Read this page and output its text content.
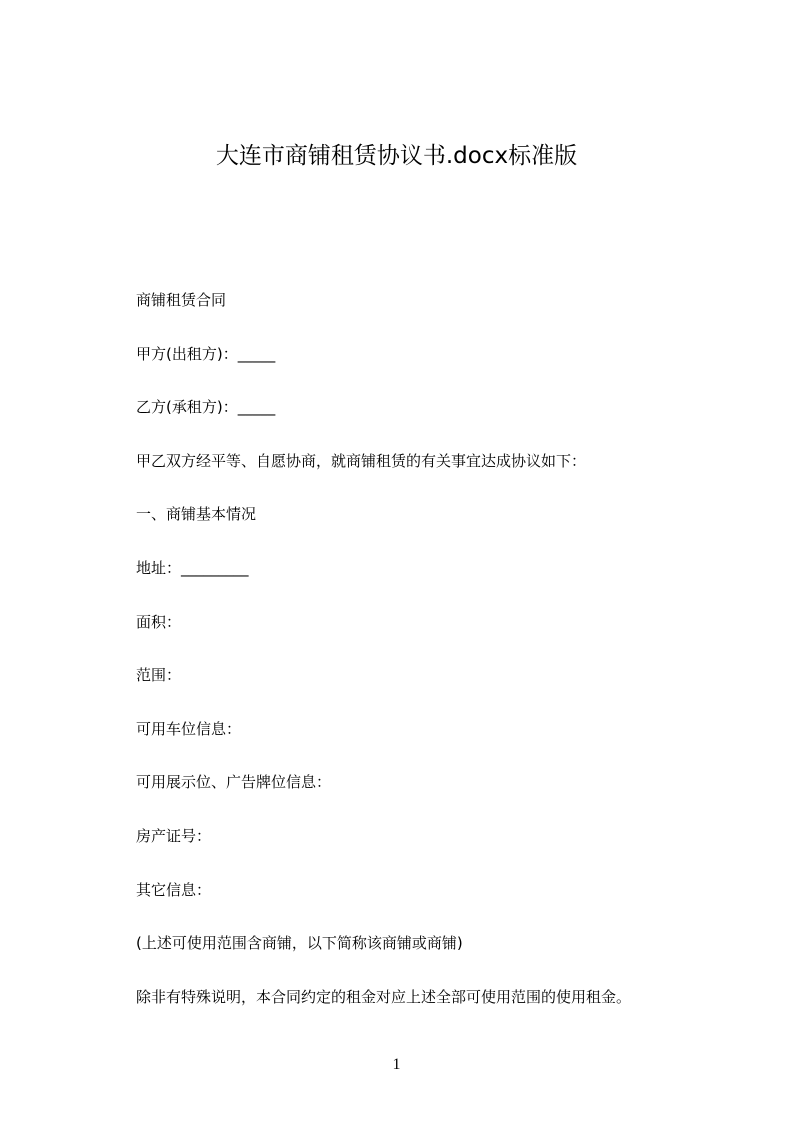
大连市商铺租赁协议书.docx标准版
商铺租赁合同
甲方(出租方)：_____
乙方(承租方)：_____
甲乙双方经平等、自愿协商，就商铺租赁的有关事宜达成协议如下：
一、商铺基本情况
地址：_________
面积：
范围：
可用车位信息：
可用展示位、广告牌位信息：
房产证号：
其它信息：
(上述可使用范围含商铺，以下简称该商铺或商铺)
除非有特殊说明，本合同约定的租金对应上述全部可使用范围的使用租金。
1
